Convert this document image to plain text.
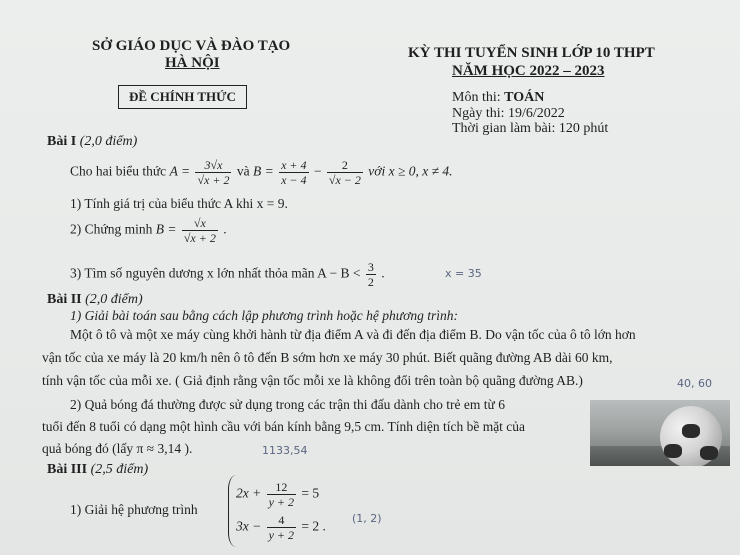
SỞ GIÁO DỤC VÀ ĐÀO TẠO
HÀ NỘI
ĐỀ CHÍNH THỨC
KỲ THI TUYỂN SINH LỚP 10 THPT
NĂM HỌC 2022 – 2023
Môn thi: TOÁN
Ngày thi: 19/6/2022
Thời gian làm bài: 120 phút
Bài I (2,0 điểm)
Cho hai biểu thức $A = \frac{3√x}{√x + 2}$ và $B = \frac{x + 4}{x - 4} - \frac{2}{√x - 2}$ với x ≥ 0, x ≠ 4.
1) Tính giá trị của biểu thức A khi x = 9.
2) Chứng minh $B = \frac{√x}{√x + 2}$ .
3) Tìm số nguyên dương x lớn nhất thỏa mãn $A - B < \frac{3}{2}$ .	x = 35
Bài II (2,0 điểm)
1) Giải bài toán sau bằng cách lập phương trình hoặc hệ phương trình:
Một ô tô và một xe máy cùng khởi hành từ địa điểm A và đi đến địa điểm B. Do vận tốc của ô tô lớn hơn
vận tốc của xe máy là 20 km/h nên ô tô đến B sớm hơn xe máy 30 phút. Biết quãng đường AB dài 60 km,
tính vận tốc của mỗi xe. ( Giả định rằng vận tốc mỗi xe là không đổi trên toàn bộ quãng đường AB.)	40, 60
2) Quả bóng đá thường được sử dụng trong các trận thi đấu dành cho trẻ em từ 6
tuổi đến 8 tuổi có dạng một hình cầu với bán kính bằng 9,5 cm. Tính diện tích bề mặt của
quả bóng đó (lấy π ≈ 3,14 ).	1133,54
Bài III (2,5 điểm)
1) Giải hệ phương trình
$2x + \frac{12}{y + 2} = 5$
$3x - \frac{4}{y + 2} = 2$ .
(1, 2)
